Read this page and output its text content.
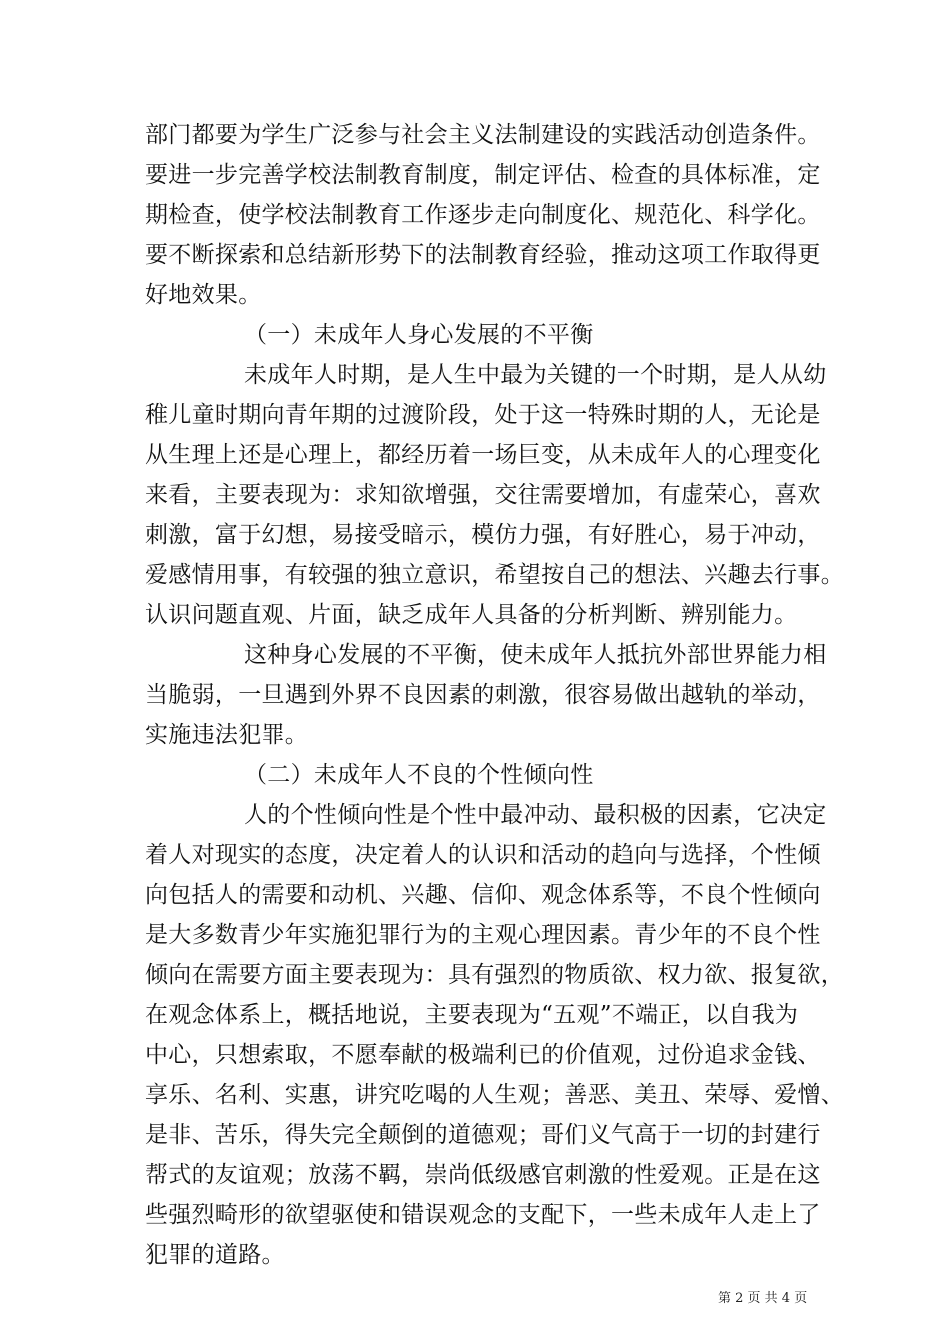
部门都要为学生广泛参与社会主义法制建设的实践活动创造条件。
要进一步完善学校法制教育制度，制定评估、检查的具体标准，定
期检查，使学校法制教育工作逐步走向制度化、规范化、科学化。
要不断探索和总结新形势下的法制教育经验，推动这项工作取得更
好地效果。
（一）未成年人身心发展的不平衡
未成年人时期，是人生中最为关键的一个时期，是人从幼
稚儿童时期向青年期的过渡阶段，处于这一特殊时期的人，无论是
从生理上还是心理上，都经历着一场巨变，从未成年人的心理变化
来看，主要表现为：求知欲增强，交往需要增加，有虚荣心，喜欢
刺激，富于幻想，易接受暗示，模仿力强，有好胜心，易于冲动，
爱感情用事，有较强的独立意识，希望按自己的想法、兴趣去行事。
认识问题直观、片面，缺乏成年人具备的分析判断、辨别能力。
这种身心发展的不平衡，使未成年人抵抗外部世界能力相
当脆弱，一旦遇到外界不良因素的刺激，很容易做出越轨的举动，
实施违法犯罪。
（二）未成年人不良的个性倾向性
人的个性倾向性是个性中最冲动、最积极的因素，它决定
着人对现实的态度，决定着人的认识和活动的趋向与选择，个性倾
向包括人的需要和动机、兴趣、信仰、观念体系等，不良个性倾向
是大多数青少年实施犯罪行为的主观心理因素。青少年的不良个性
倾向在需要方面主要表现为：具有强烈的物质欲、权力欲、报复欲，
在观念体系上，概括地说，主要表现为“五观”不端正，以自我为
中心，只想索取，不愿奉献的极端利已的价值观，过份追求金钱、
享乐、名利、实惠，讲究吃喝的人生观；善恶、美丑、荣辱、爱憎、
是非、苦乐，得失完全颠倒的道德观；哥们义气高于一切的封建行
帮式的友谊观；放荡不羁，崇尚低级感官刺激的性爱观。正是在这
些强烈畸形的欲望驱使和错误观念的支配下，一些未成年人走上了
犯罪的道路。
第 2 页 共 4 页
